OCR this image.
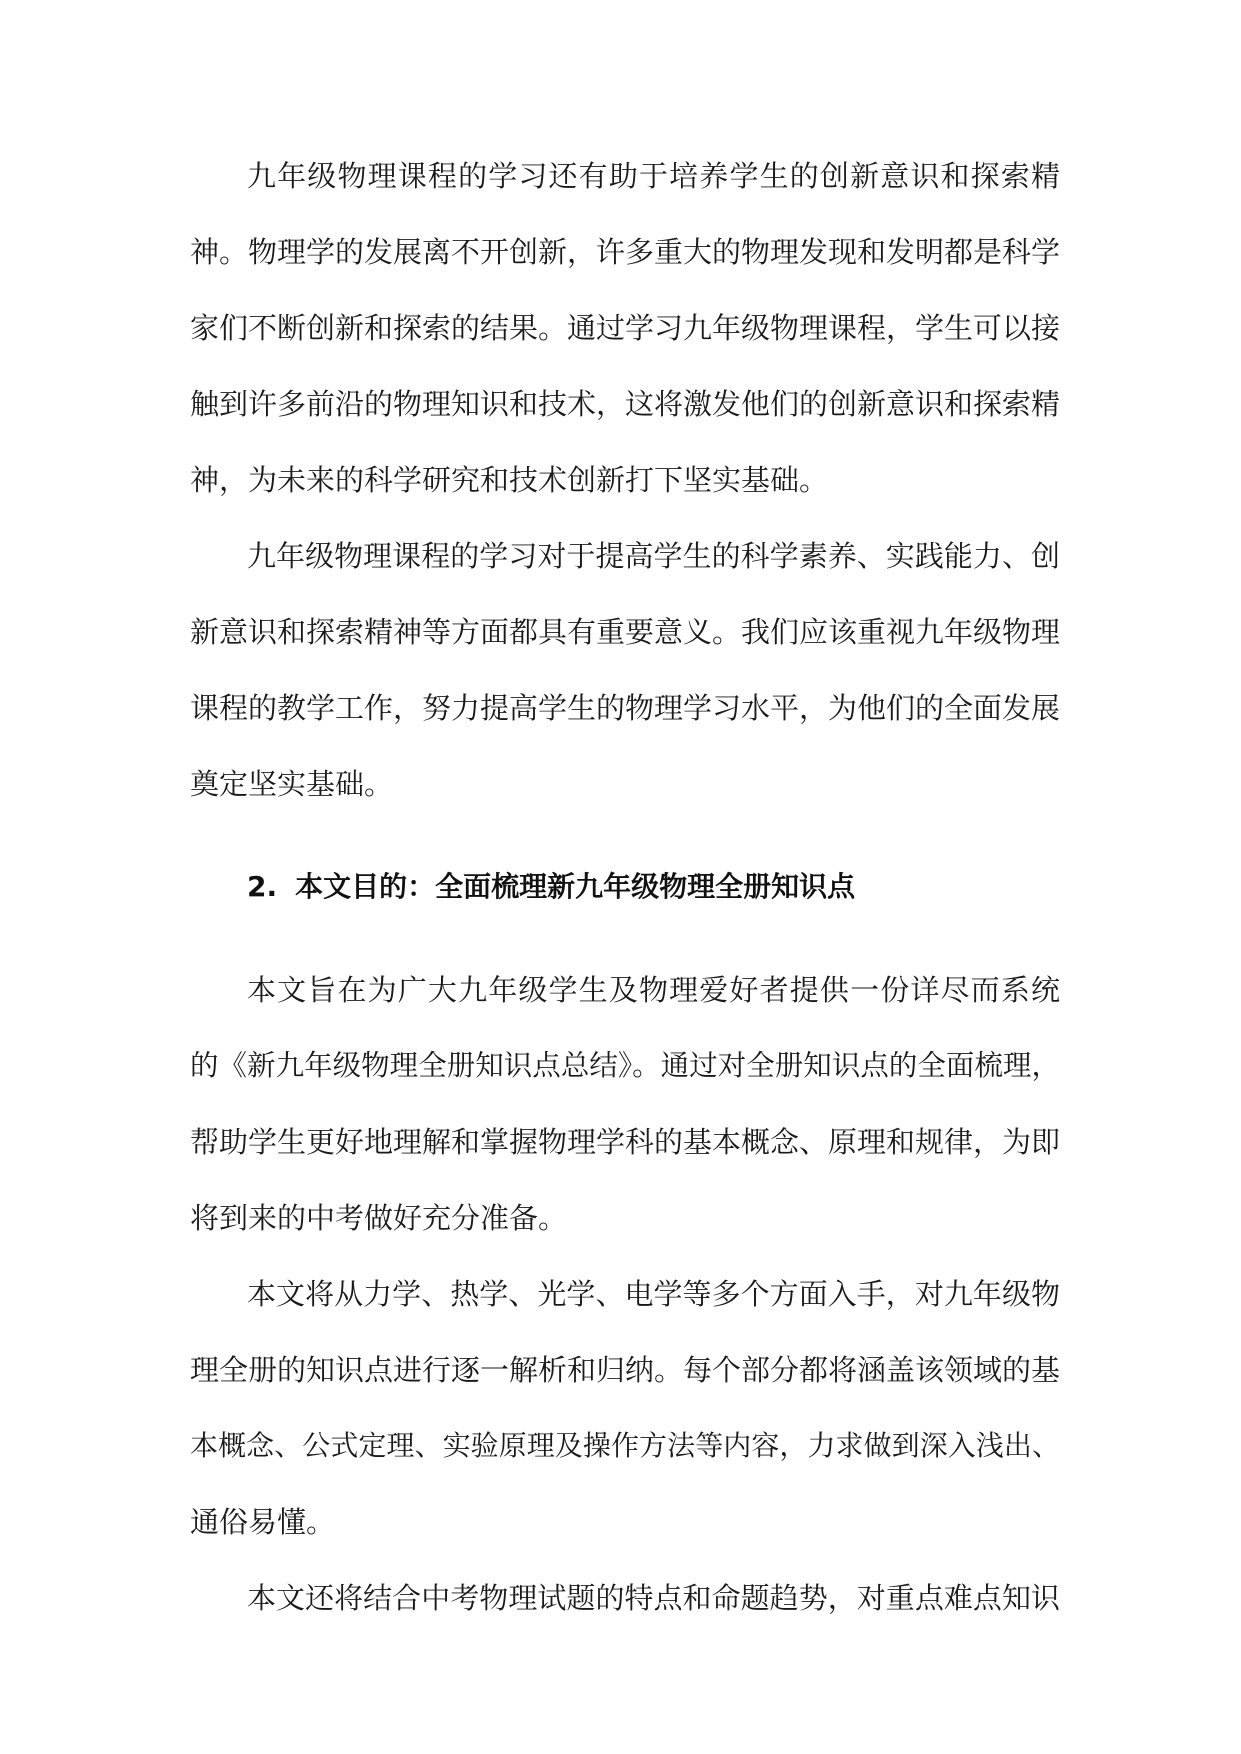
九年级物理课程的学习还有助于培养学生的创新意识和探索精
神。物理学的发展离不开创新，许多重大的物理发现和发明都是科学
家们不断创新和探索的结果。通过学习九年级物理课程，学生可以接
触到许多前沿的物理知识和技术，这将激发他们的创新意识和探索精
神，为未来的科学研究和技术创新打下坚实基础。
九年级物理课程的学习对于提高学生的科学素养、实践能力、创
新意识和探索精神等方面都具有重要意义。我们应该重视九年级物理
课程的教学工作，努力提高学生的物理学习水平，为他们的全面发展
奠定坚实基础。
2. 本文目的：全面梳理新九年级物理全册知识点
本文旨在为广大九年级学生及物理爱好者提供一份详尽而系统
的《新九年级物理全册知识点总结》。通过对全册知识点的全面梳理，
帮助学生更好地理解和掌握物理学科的基本概念、原理和规律，为即
将到来的中考做好充分准备。
本文将从力学、热学、光学、电学等多个方面入手，对九年级物
理全册的知识点进行逐一解析和归纳。每个部分都将涵盖该领域的基
本概念、公式定理、实验原理及操作方法等内容，力求做到深入浅出、
通俗易懂。
本文还将结合中考物理试题的特点和命题趋势，对重点难点知识
